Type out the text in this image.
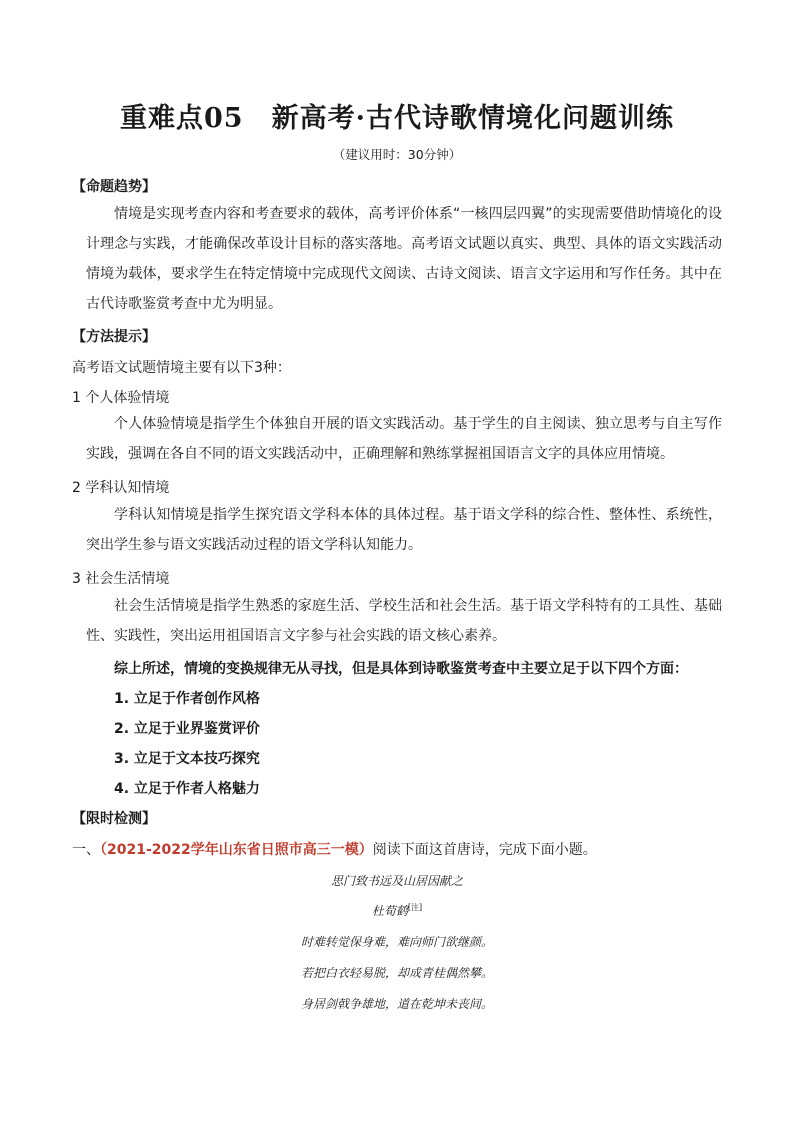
重难点05　新高考·古代诗歌情境化问题训练
（建议用时：30分钟）
【命题趋势】
情境是实现考查内容和考查要求的载体，高考评价体系“一核四层四翼”的实现需要借助情境化的设计理念与实践，才能确保改革设计目标的落实落地。高考语文试题以真实、典型、具体的语文实践活动情境为载体，要求学生在特定情境中完成现代文阅读、古诗文阅读、语言文字运用和写作任务。其中在古代诗歌鉴赏考查中尤为明显。
【方法提示】
高考语文试题情境主要有以下3种：
1 个人体验情境
个人体验情境是指学生个体独自开展的语文实践活动。基于学生的自主阅读、独立思考与自主写作实践，强调在各自不同的语文实践活动中，正确理解和熟练掌握祖国语言文字的具体应用情境。
2 学科认知情境
学科认知情境是指学生探究语文学科本体的具体过程。基于语文学科的综合性、整体性、系统性，突出学生参与语文实践活动过程的语文学科认知能力。
3 社会生活情境
社会生活情境是指学生熟悉的家庭生活、学校生活和社会生活。基于语文学科特有的工具性、基础性、实践性，突出运用祖国语言文字参与社会实践的语文核心素养。
综上所述，情境的变换规律无从寻找，但是具体到诗歌鉴赏考查中主要立足于以下四个方面：
1. 立足于作者创作风格
2. 立足于业界鉴赏评价
3. 立足于文本技巧探究
4. 立足于作者人格魅力
【限时检测】
一、（2021-2022学年山东省日照市高三一模）阅读下面这首唐诗，完成下面小题。
思门致书远及山居因献之
杜荀鹤[注]
时难转觉保身难，难向师门欲继颜。
若把白衣轻易脱，却成青桂偶然攀。
身居剑戟争雄地，道在乾坤未丧间。
